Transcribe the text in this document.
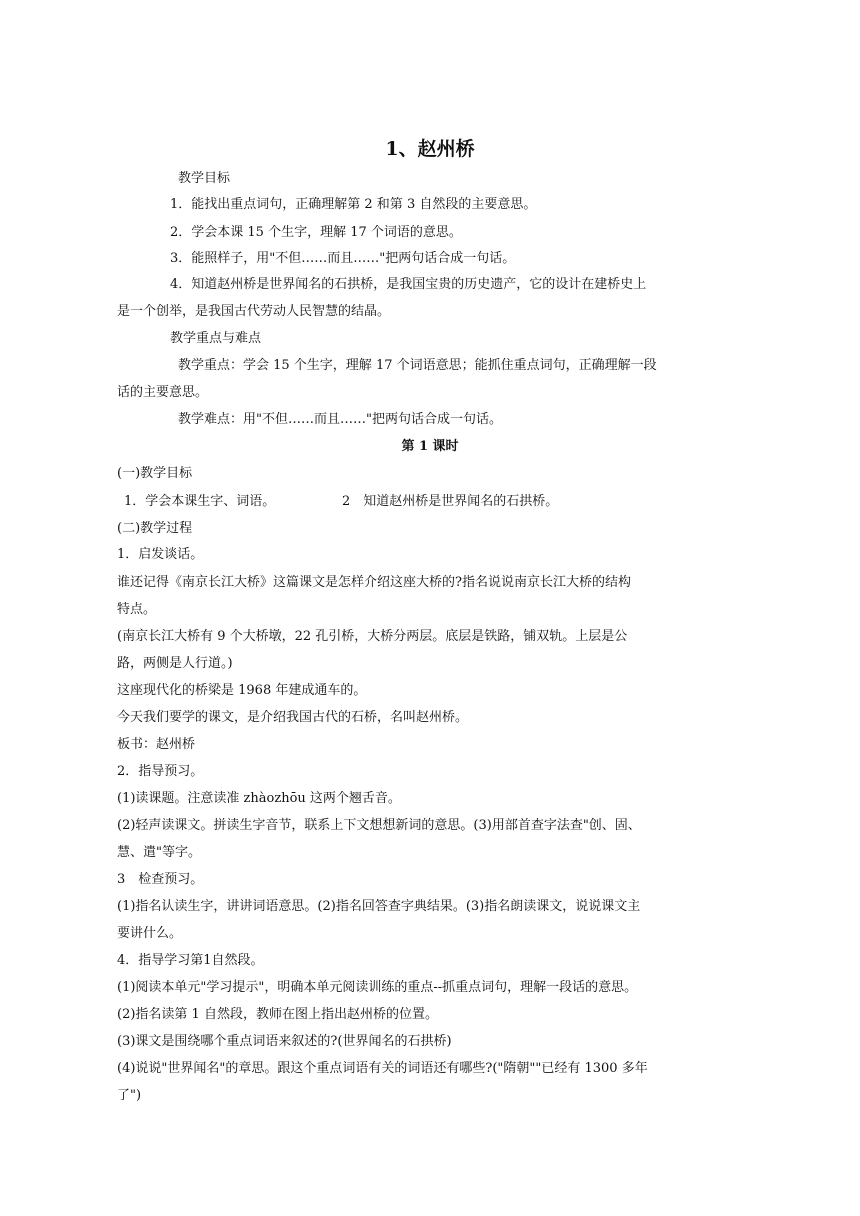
1、赵州桥
教学目标
1．能找出重点词句，正确理解第 2 和第 3 自然段的主要意思。
2．学会本课 15 个生字，理解 17 个词语的意思。
3．能照样子，用"不但……而且……"把两句话合成一句话。
4．知道赵州桥是世界闻名的石拱桥，是我国宝贵的历史遗产，它的设计在建桥史上
是一个创举，是我国古代劳动人民智慧的结晶。
教学重点与难点
教学重点：学会 15 个生字，理解 17 个词语意思；能抓住重点词句，正确理解一段
话的主要意思。
教学难点：用"不但……而且……"把两句话合成一句话。
第 1 课时
(一)教学目标
1．学会本课生字、词语。	2　知道赵州桥是世界闻名的石拱桥。
(二)教学过程
1．启发谈话。
谁还记得《南京长江大桥》这篇课文是怎样介绍这座大桥的?指名说说南京长江大桥的结构
特点。
(南京长江大桥有 9 个大桥墩，22 孔引桥，大桥分两层。底层是铁路，铺双轨。上层是公
路，两侧是人行道。)
这座现代化的桥梁是 1968 年建成通车的。
今天我们要学的课文，是介绍我国古代的石桥，名叫赵州桥。
板书：赵州桥
2．指导预习。
(1)读课题。注意读准 zhàozhōu 这两个翘舌音。
(2)轻声读课文。拼读生字音节，联系上下文想想新词的意思。(3)用部首查字法查"创、固、
慧、遣"等字。
3　检查预习。
(1)指名认读生字，讲讲词语意思。(2)指名回答查字典结果。(3)指名朗读课文，说说课文主
要讲什么。
4．指导学习第1自然段。
(1)阅读本单元"学习提示"，明确本单元阅读训练的重点--抓重点词句，理解一段话的意思。
(2)指名读第 1 自然段，教师在图上指出赵州桥的位置。
(3)课文是围绕哪个重点词语来叙述的?(世界闻名的石拱桥)
(4)说说"世界闻名"的章思。跟这个重点词语有关的词语还有哪些?("隋朝""已经有 1300 多年
了")
